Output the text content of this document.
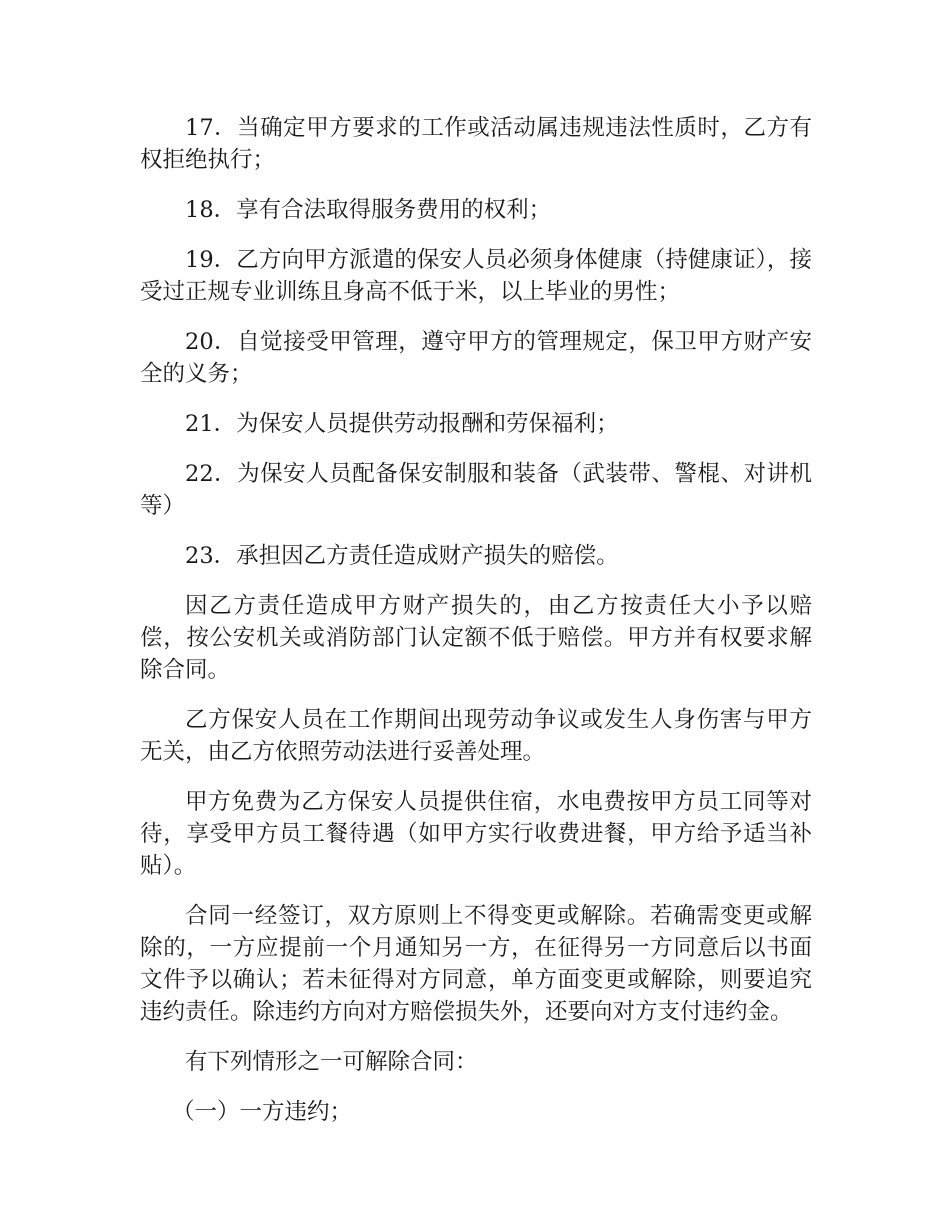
17．当确定甲方要求的工作或活动属违规违法性质时，乙方有权拒绝执行；

18．享有合法取得服务费用的权利；

19．乙方向甲方派遣的保安人员必须身体健康（持健康证），接受过正规专业训练且身高不低于米，以上毕业的男性；

20．自觉接受甲管理，遵守甲方的管理规定，保卫甲方财产安全的义务；

21．为保安人员提供劳动报酬和劳保福利；

22．为保安人员配备保安制服和装备（武装带、警棍、对讲机等）

23．承担因乙方责任造成财产损失的赔偿。

因乙方责任造成甲方财产损失的，由乙方按责任大小予以赔偿，按公安机关或消防部门认定额不低于赔偿。甲方并有权要求解除合同。

乙方保安人员在工作期间出现劳动争议或发生人身伤害与甲方无关，由乙方依照劳动法进行妥善处理。

甲方免费为乙方保安人员提供住宿，水电费按甲方员工同等对待，享受甲方员工餐待遇（如甲方实行收费进餐，甲方给予适当补贴）。

合同一经签订，双方原则上不得变更或解除。若确需变更或解除的，一方应提前一个月通知另一方，在征得另一方同意后以书面文件予以确认；若未征得对方同意，单方面变更或解除，则要追究违约责任。除违约方向对方赔偿损失外，还要向对方支付违约金。

有下列情形之一可解除合同：

（一）一方违约；
